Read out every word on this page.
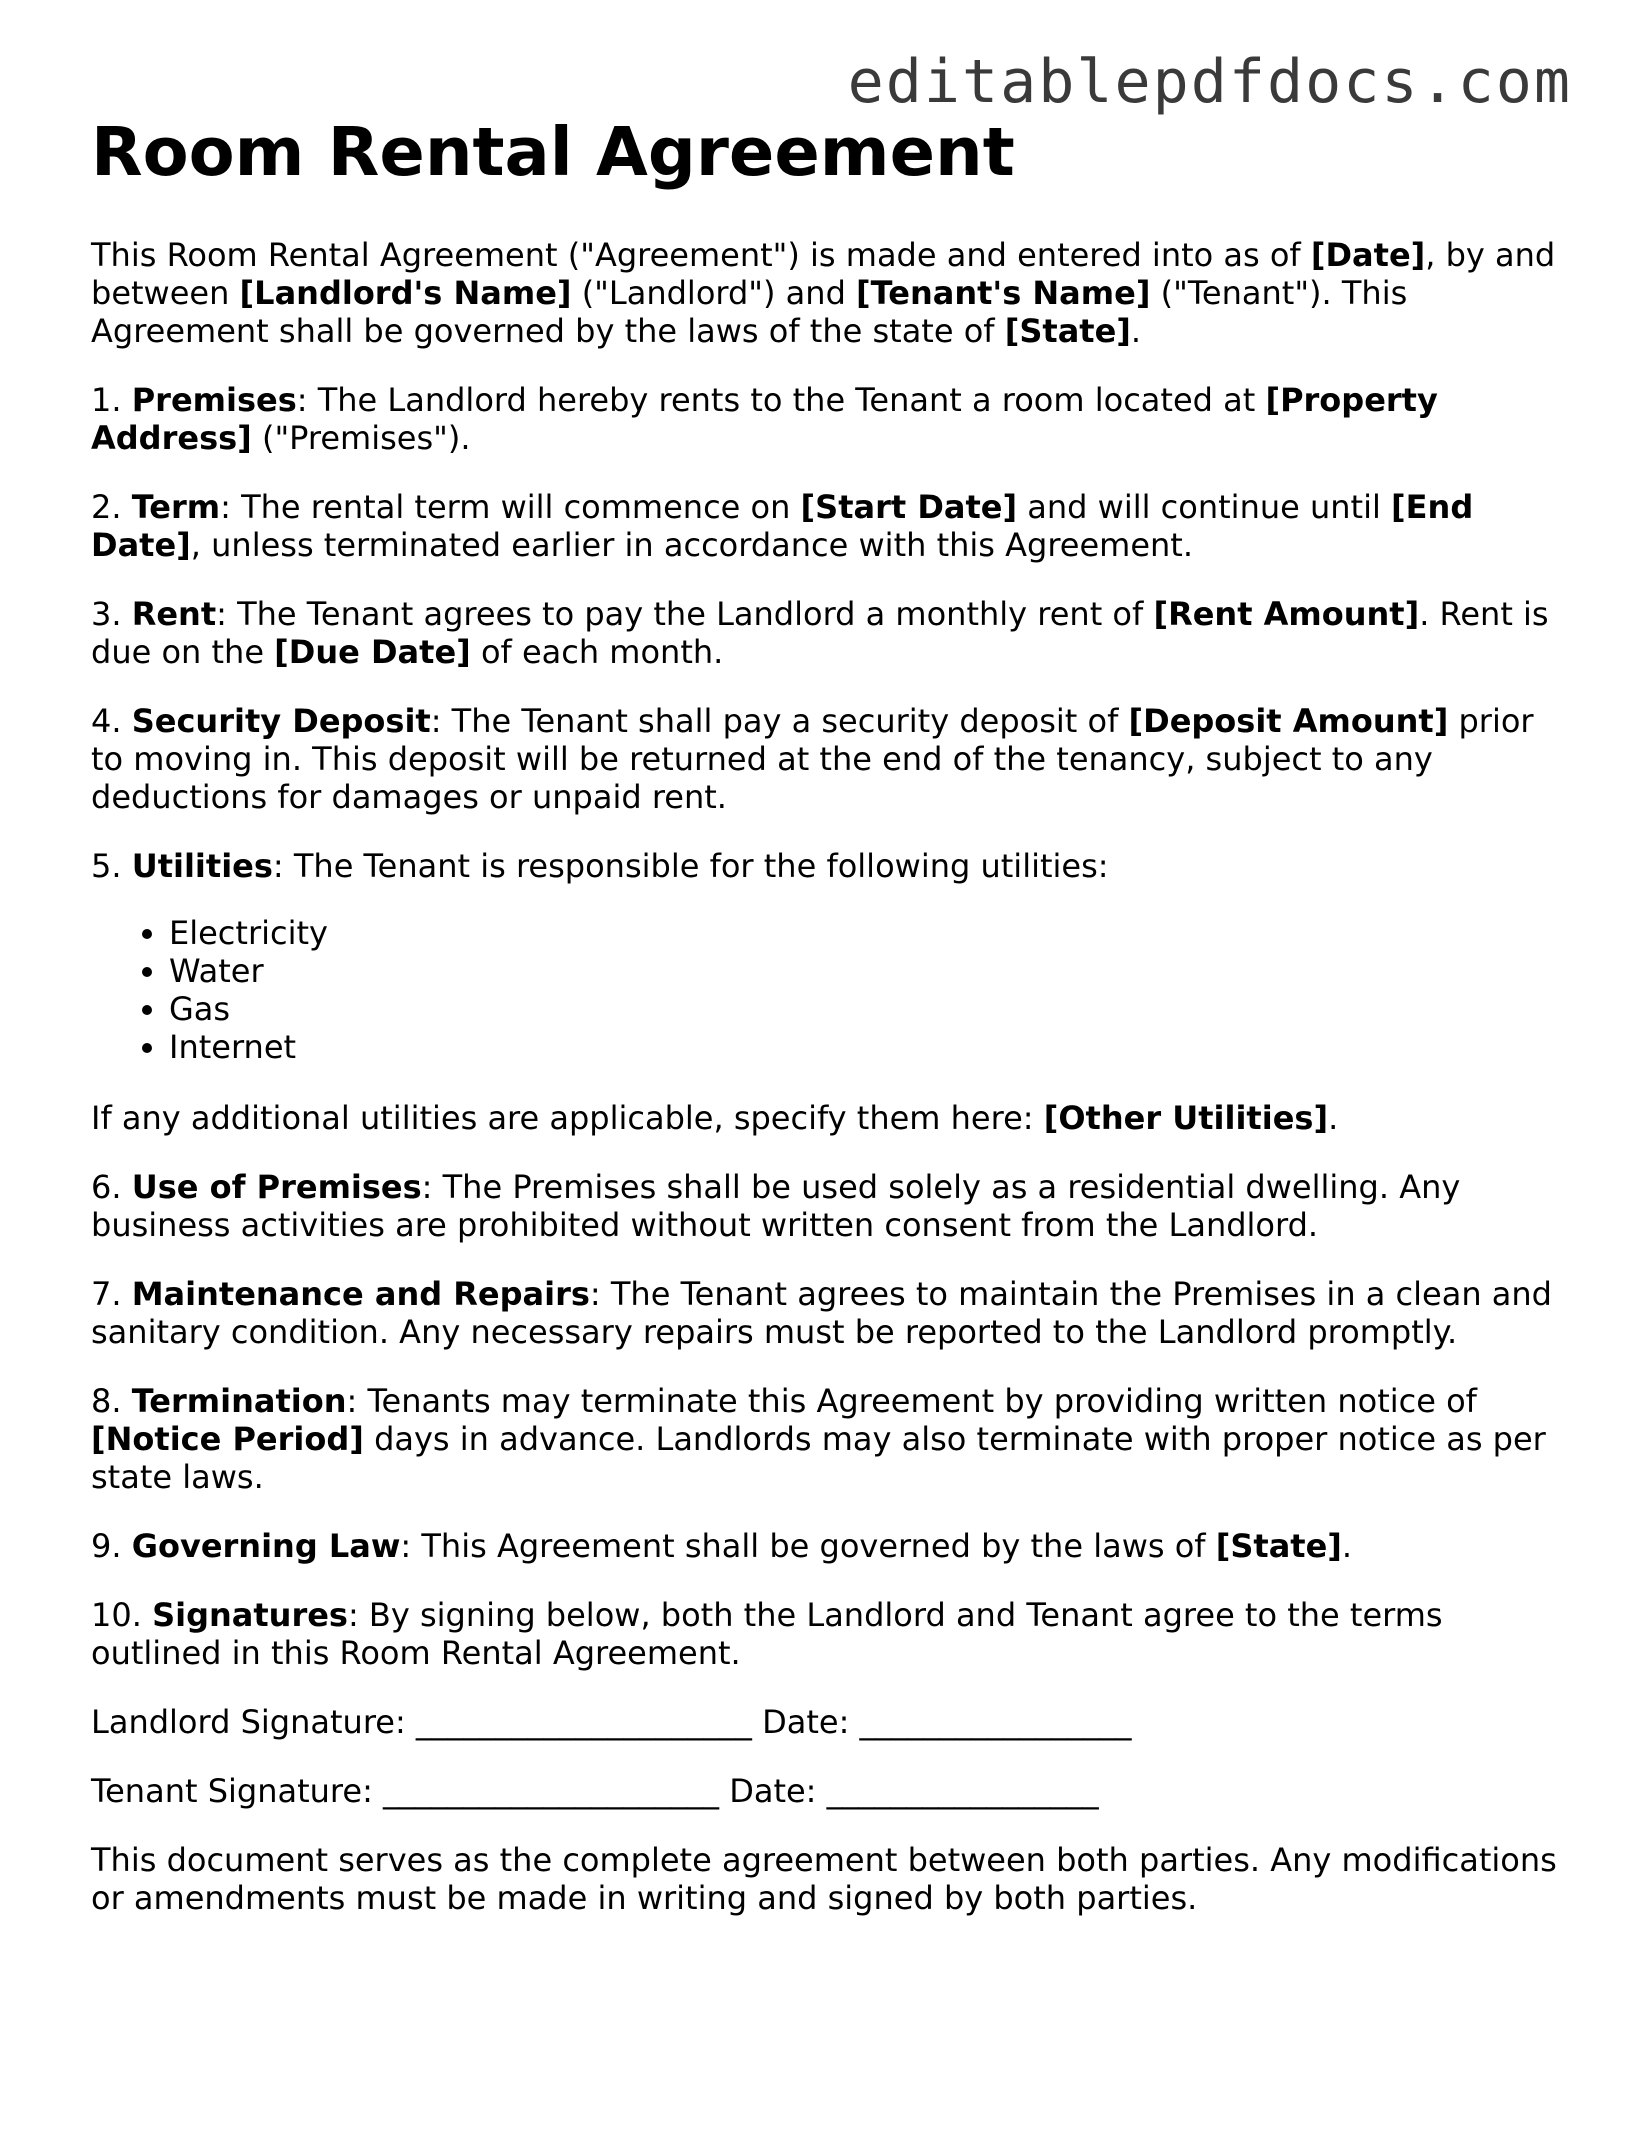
editablepdfdocs.com
Room Rental Agreement

This Room Rental Agreement ("Agreement") is made and entered into as of [Date], by and between [Landlord's Name] ("Landlord") and [Tenant's Name] ("Tenant"). This Agreement shall be governed by the laws of the state of [State].

1. Premises: The Landlord hereby rents to the Tenant a room located at [Property Address] ("Premises").

2. Term: The rental term will commence on [Start Date] and will continue until [End Date], unless terminated earlier in accordance with this Agreement.

3. Rent: The Tenant agrees to pay the Landlord a monthly rent of [Rent Amount]. Rent is due on the [Due Date] of each month.

4. Security Deposit: The Tenant shall pay a security deposit of [Deposit Amount] prior to moving in. This deposit will be returned at the end of the tenancy, subject to any deductions for damages or unpaid rent.

5. Utilities: The Tenant is responsible for the following utilities:

• Electricity
• Water
• Gas
• Internet

If any additional utilities are applicable, specify them here: [Other Utilities].

6. Use of Premises: The Premises shall be used solely as a residential dwelling. Any business activities are prohibited without written consent from the Landlord.

7. Maintenance and Repairs: The Tenant agrees to maintain the Premises in a clean and sanitary condition. Any necessary repairs must be reported to the Landlord promptly.

8. Termination: Tenants may terminate this Agreement by providing written notice of [Notice Period] days in advance. Landlords may also terminate with proper notice as per state laws.

9. Governing Law: This Agreement shall be governed by the laws of [State].

10. Signatures: By signing below, both the Landlord and Tenant agree to the terms outlined in this Room Rental Agreement.

Landlord Signature: _____________________ Date: _________________

Tenant Signature: _____________________ Date: _________________

This document serves as the complete agreement between both parties. Any modifications or amendments must be made in writing and signed by both parties.
